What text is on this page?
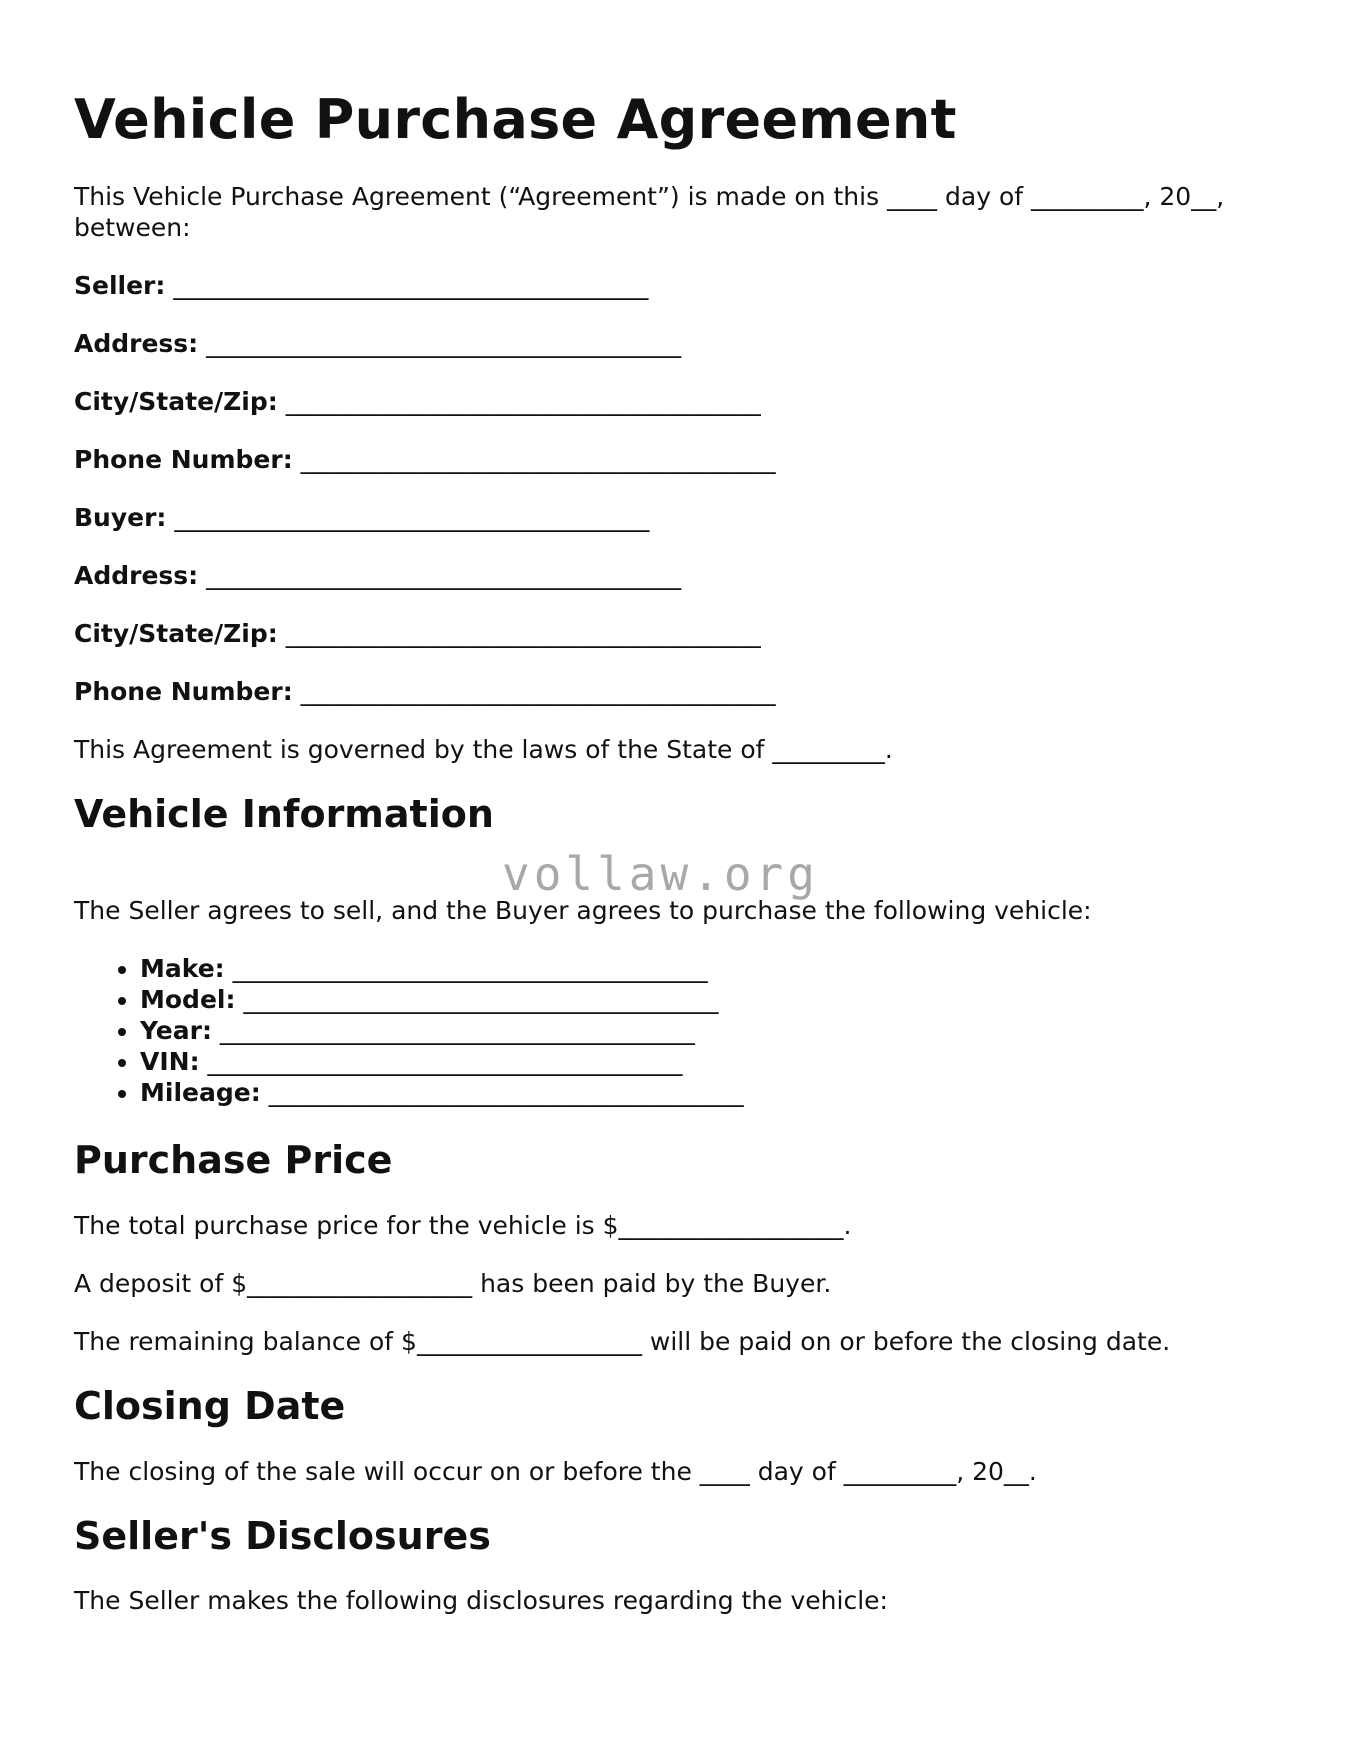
Vehicle Purchase Agreement

This Vehicle Purchase Agreement (“Agreement”) is made on this ____ day of _________, 20__, between:

Seller: ______________________________________
Address: ______________________________________
City/State/Zip: ______________________________________
Phone Number: ______________________________________
Buyer: ______________________________________
Address: ______________________________________
City/State/Zip: ______________________________________
Phone Number: ______________________________________

This Agreement is governed by the laws of the State of _________.

Vehicle Information

The Seller agrees to sell, and the Buyer agrees to purchase the following vehicle:

• Make: ______________________________________
• Model: ______________________________________
• Year: ______________________________________
• VIN: ______________________________________
• Mileage: ______________________________________
Purchase Price

The total purchase price for the vehicle is $__________________.

A deposit of $__________________ has been paid by the Buyer.

The remaining balance of $__________________ will be paid on or before the closing date.

Closing Date

The closing of the sale will occur on or before the ____ day of _________, 20__.

Seller's Disclosures

The Seller makes the following disclosures regarding the vehicle:

vollaw.org
